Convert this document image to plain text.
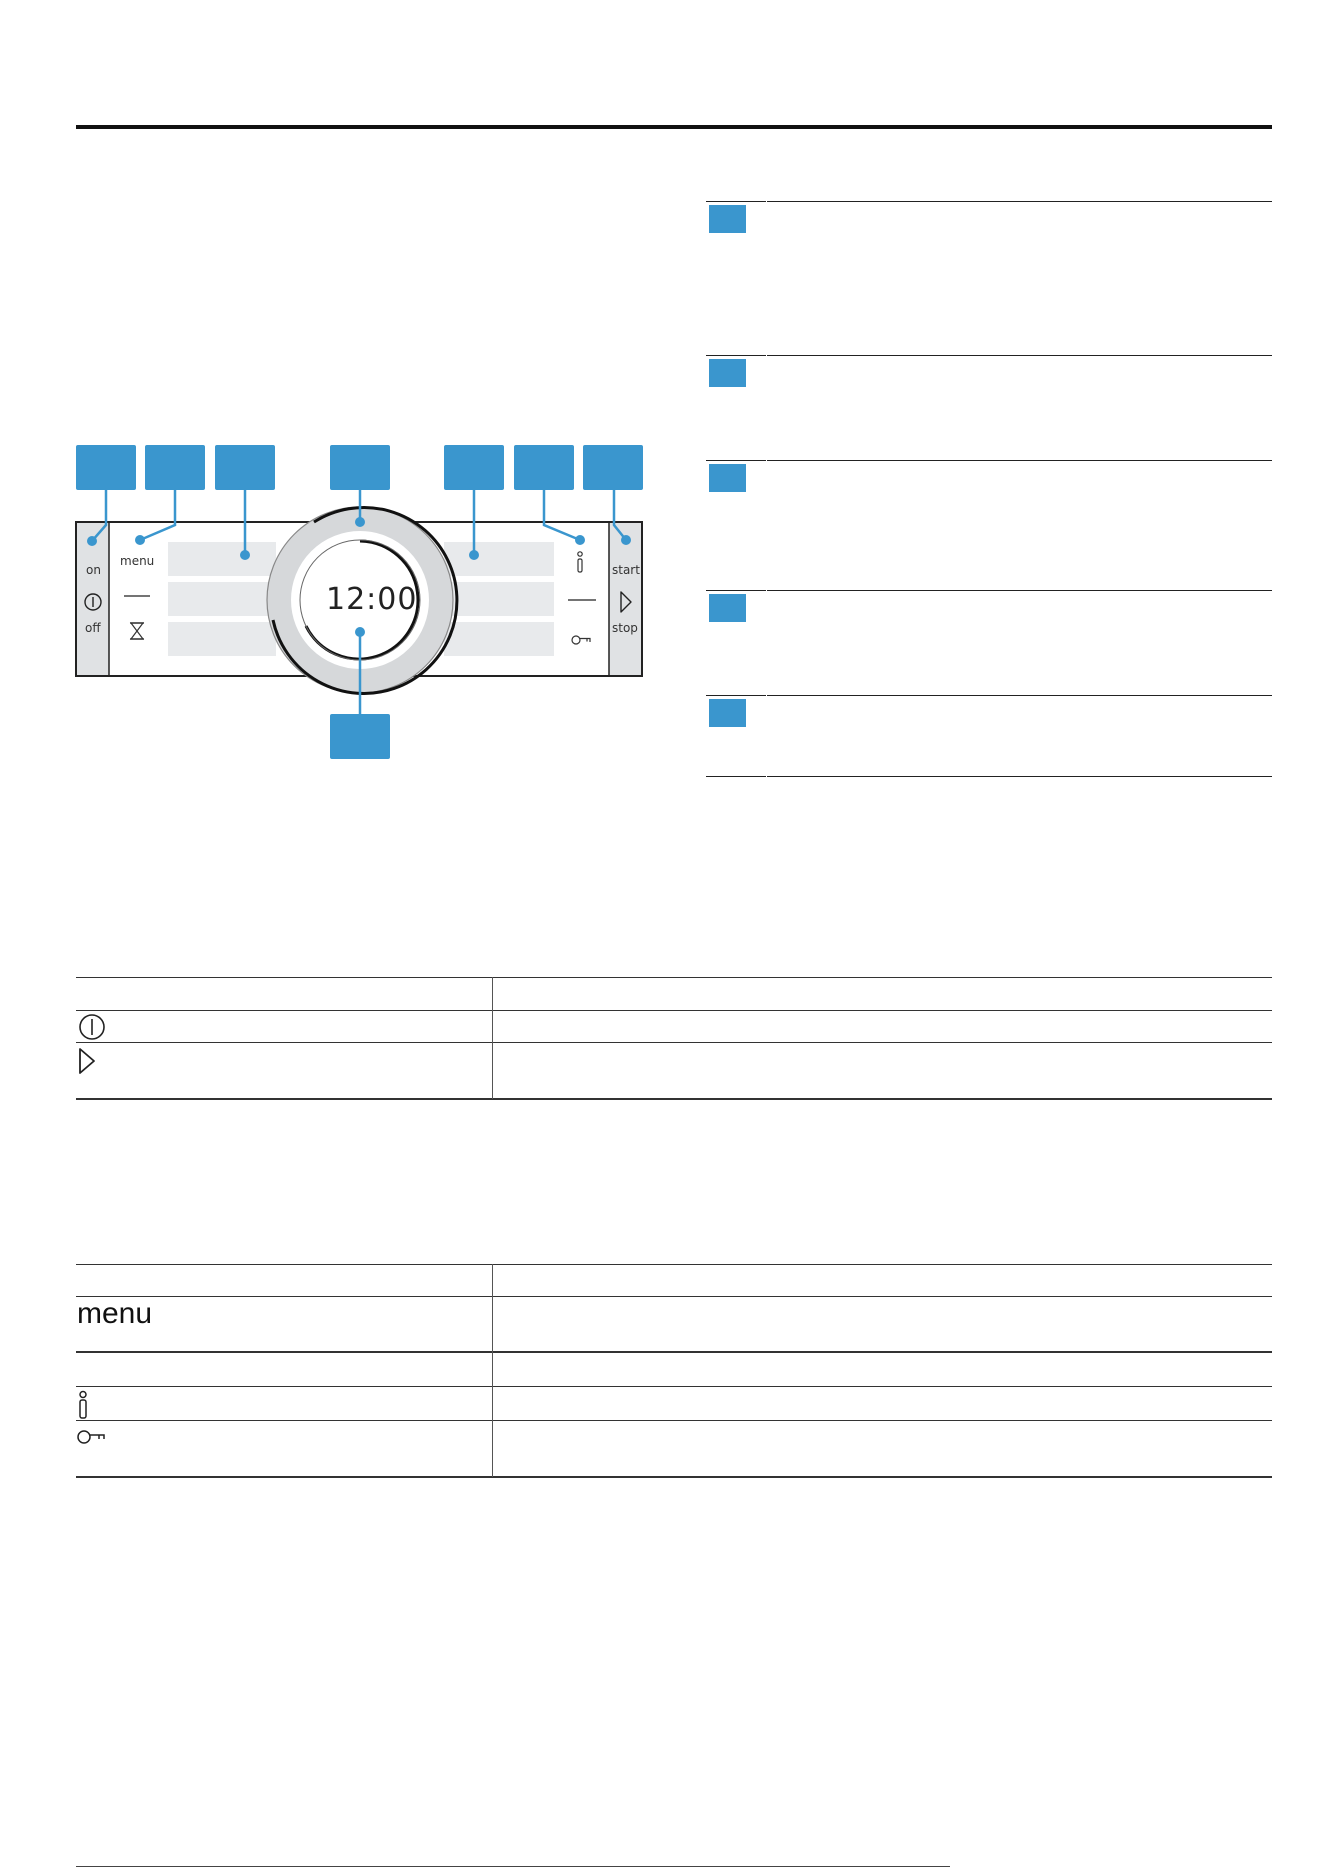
on
off
menu
start
stop
12:00
menu
